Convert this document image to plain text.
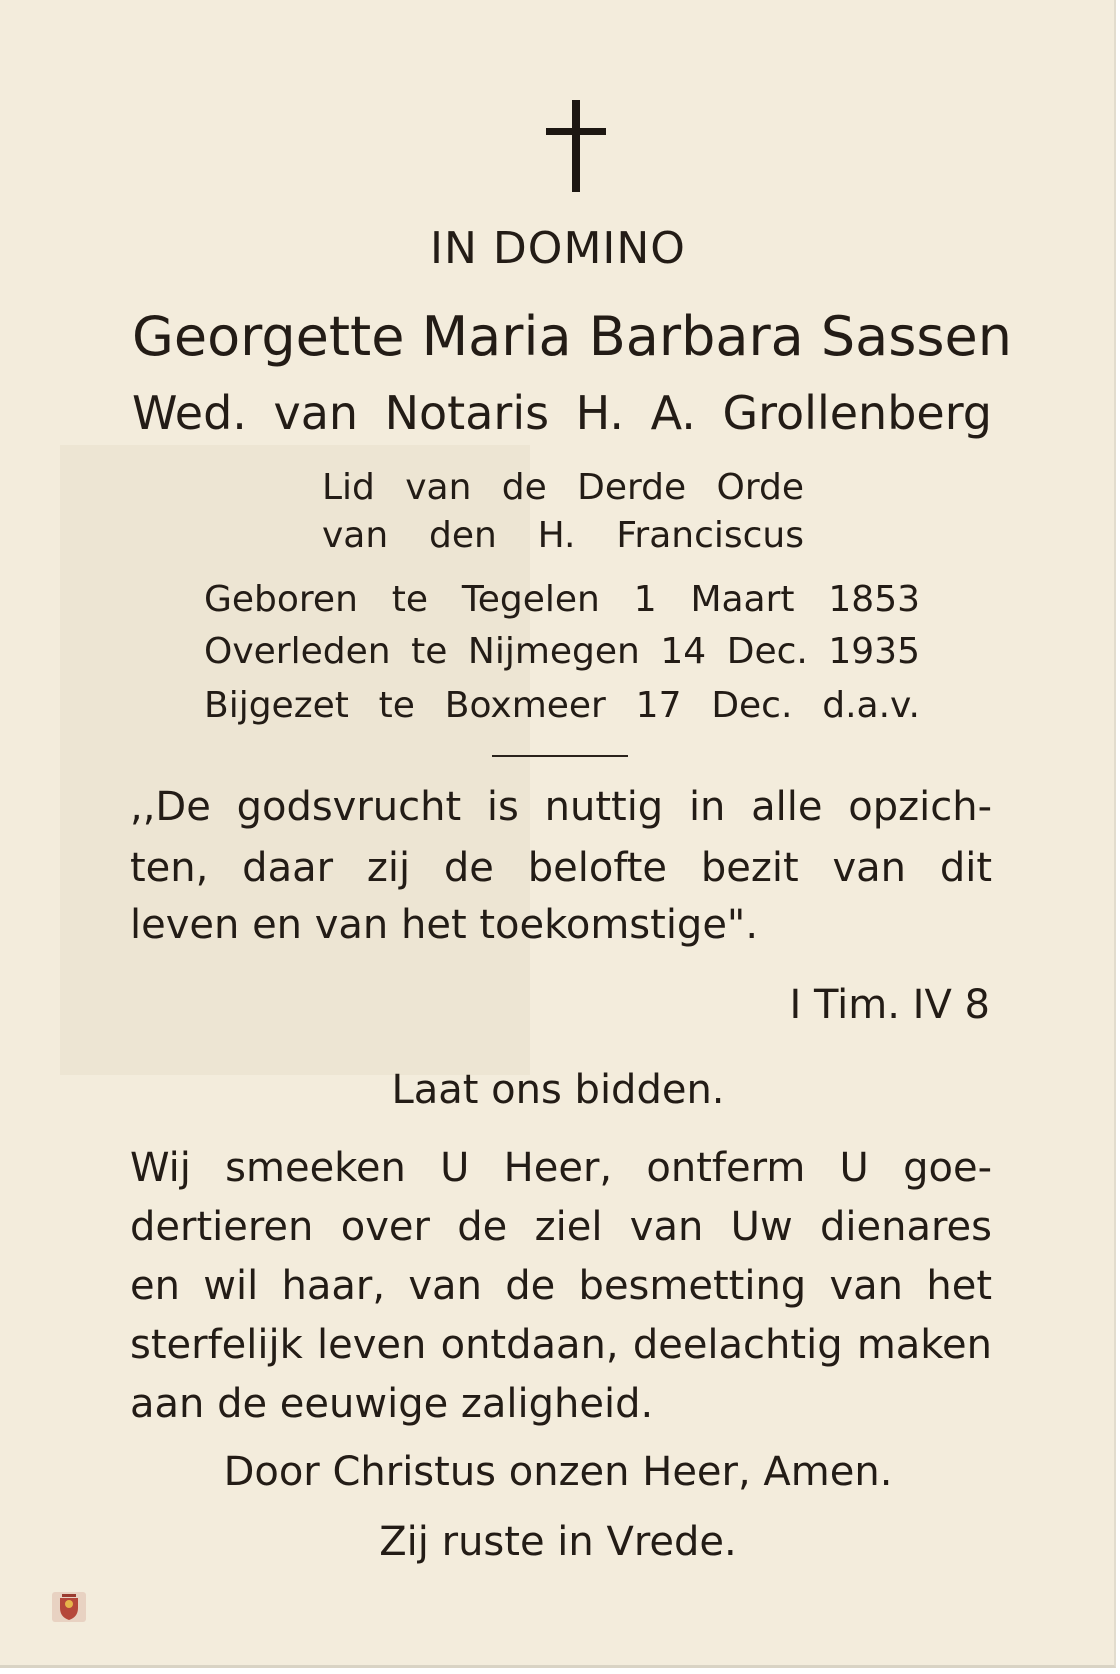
IN DOMINO

Georgette Maria Barbara Sassen

Wed. van Notaris H. A. Grollenberg

Lid van de Derde Orde

van den H. Franciscus

Geboren te Tegelen 1 Maart 1853

Overleden te Nijmegen 14 Dec. 1935

Bijgezet te Boxmeer 17 Dec. d.a.v.

,,De godsvrucht is nuttig in alle opzich-

ten, daar zij de belofte bezit van dit

leven en van het toekomstige".

I Tim. IV 8

Laat ons bidden.

Wij smeeken U Heer, ontferm U goe-

dertieren over de ziel van Uw dienares

en wil haar, van de besmetting van het

sterfelijk leven ontdaan, deelachtig maken

aan de eeuwige zaligheid.

Door Christus onzen Heer, Amen.

Zij ruste in Vrede.
